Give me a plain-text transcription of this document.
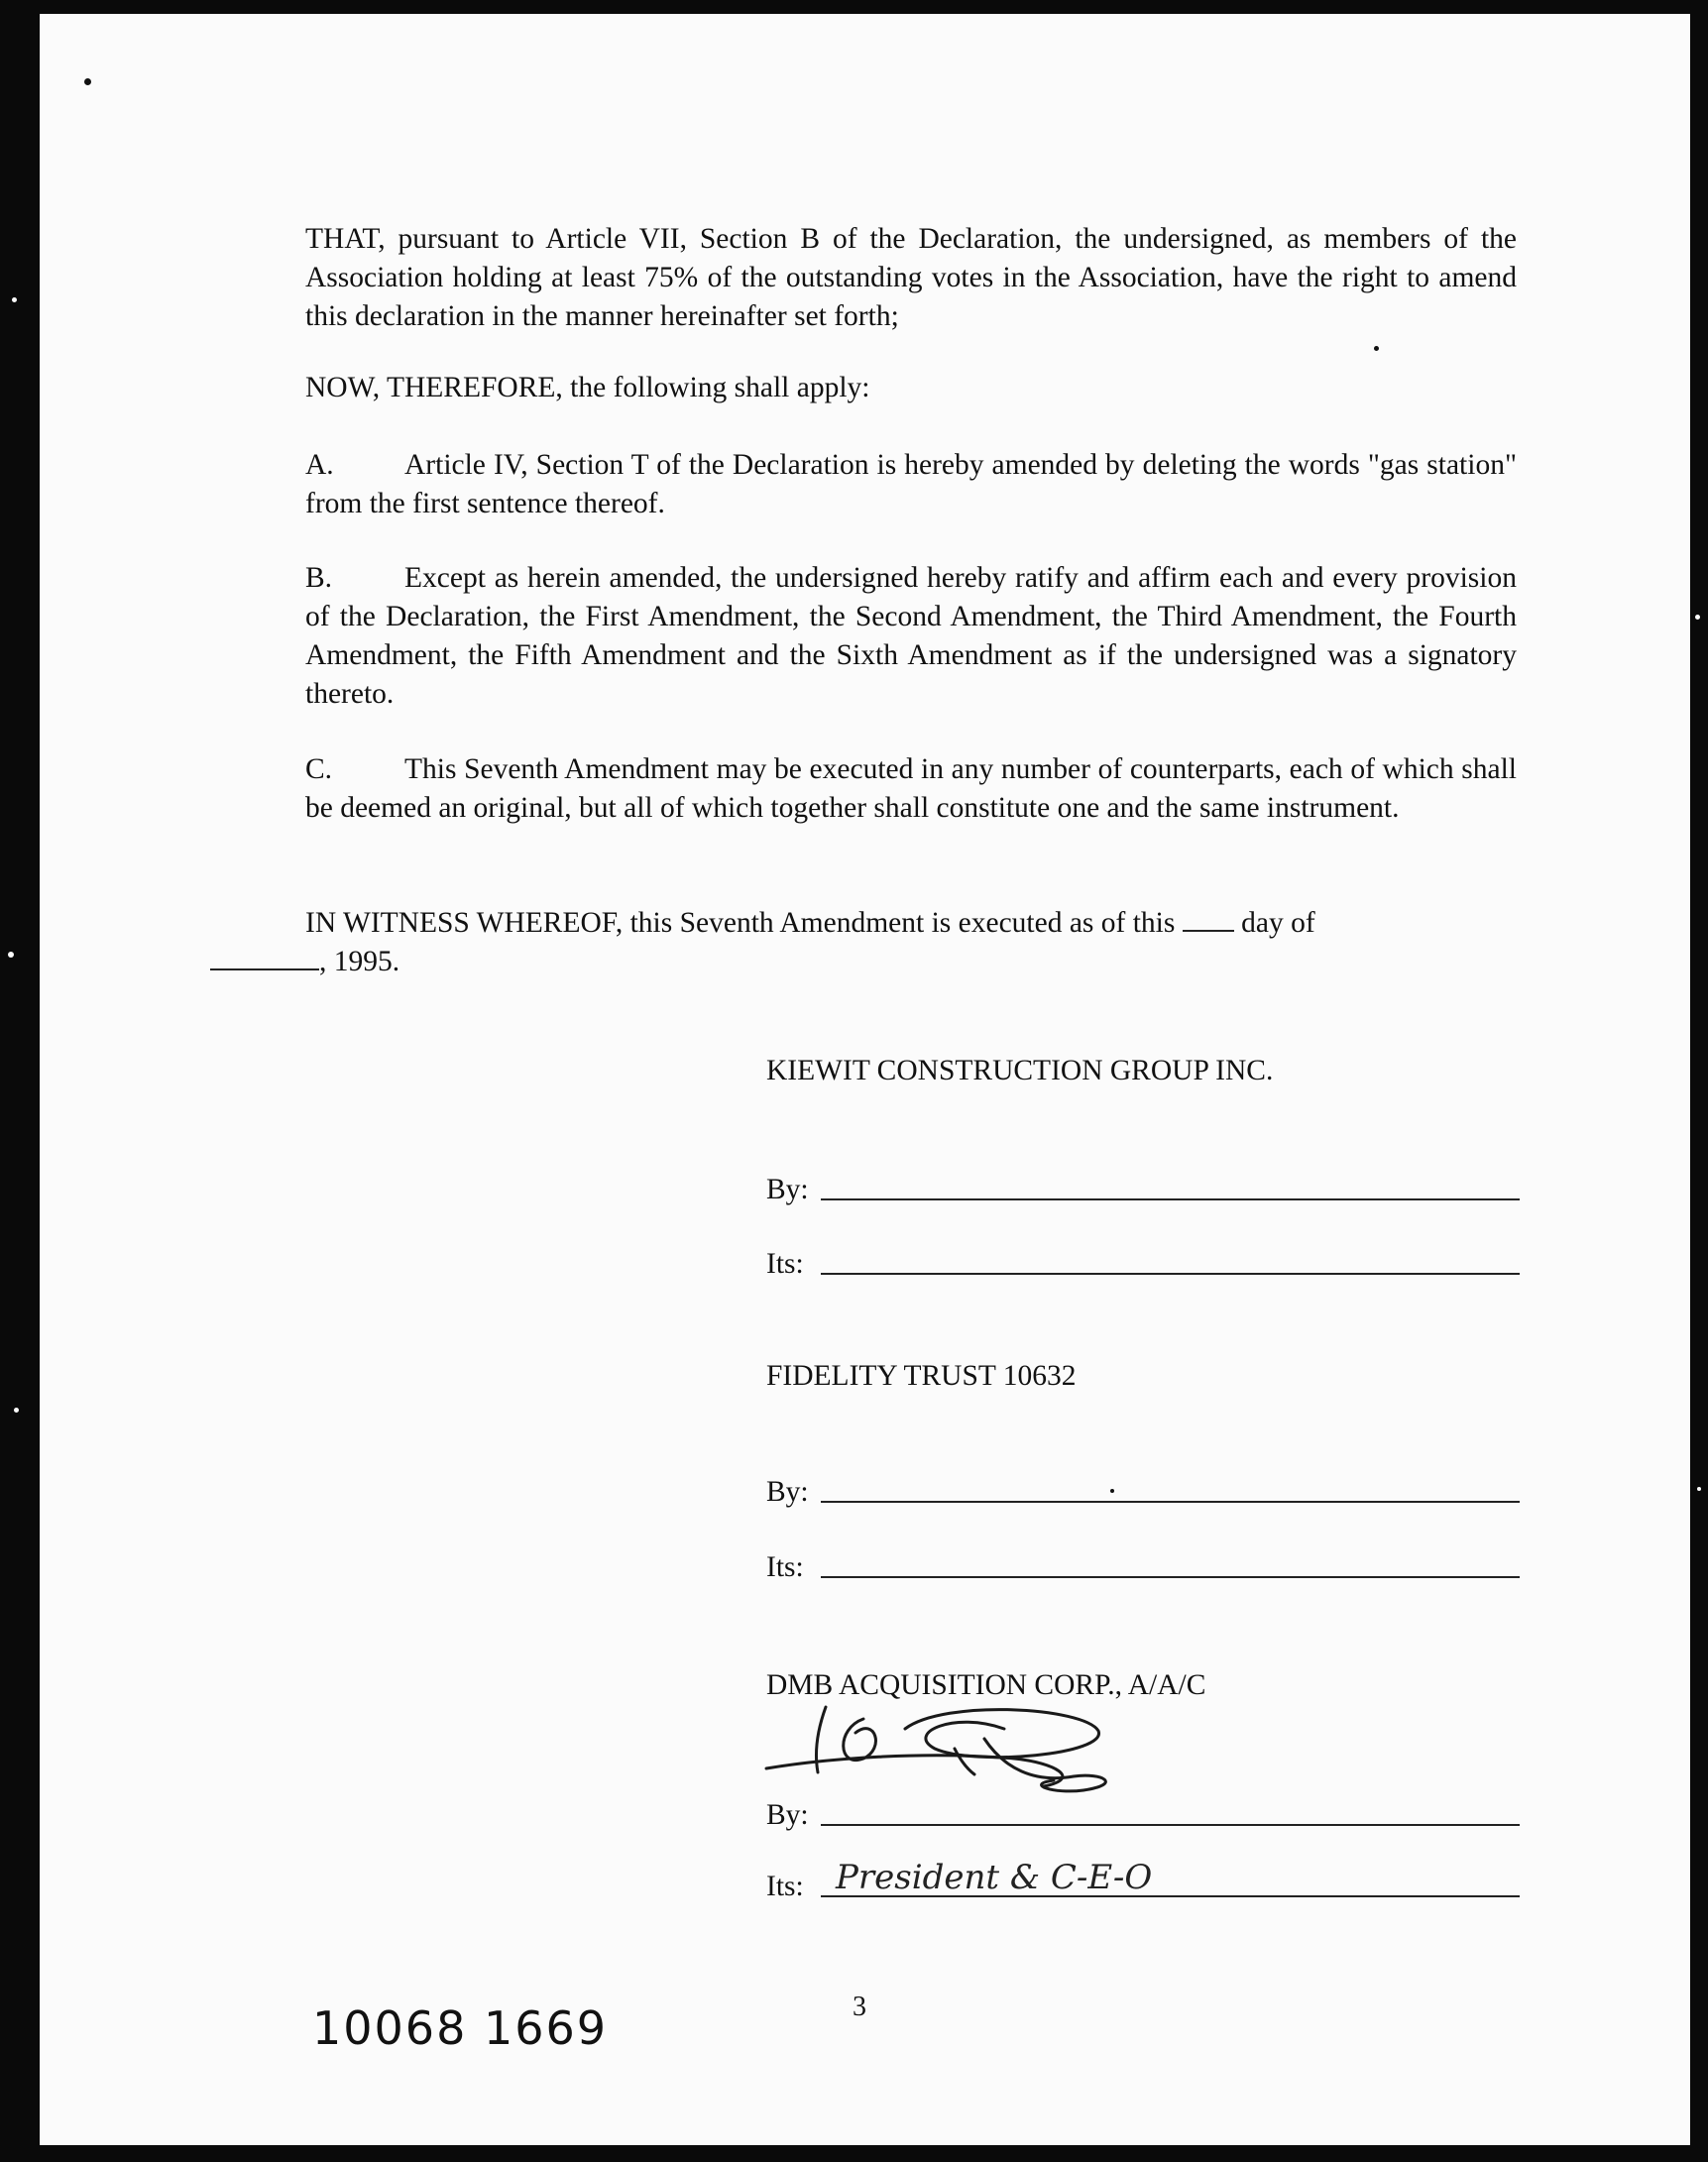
THAT, pursuant to Article VII, Section B of the Declaration, the undersigned, as members of the Association holding at least 75% of the outstanding votes in the Association, have the right to amend this declaration in the manner hereinafter set forth;
NOW, THEREFORE, the following shall apply:
A. Article IV, Section T of the Declaration is hereby amended by deleting the words "gas station" from the first sentence thereof.
B. Except as herein amended, the undersigned hereby ratify and affirm each and every provision of the Declaration, the First Amendment, the Second Amendment, the Third Amendment, the Fourth Amendment, the Fifth Amendment and the Sixth Amendment as if the undersigned was a signatory thereto.
C. This Seventh Amendment may be executed in any number of counterparts, each of which shall be deemed an original, but all of which together shall constitute one and the same instrument.
IN WITNESS WHEREOF, this Seventh Amendment is executed as of this day of
, 1995.
KIEWIT CONSTRUCTION GROUP INC.
By:
Its:
FIDELITY TRUST 10632
By:
Its:
DMB ACQUISITION CORP., A/A/C
By:
Its: President & C-E-O
10068 1669	3
